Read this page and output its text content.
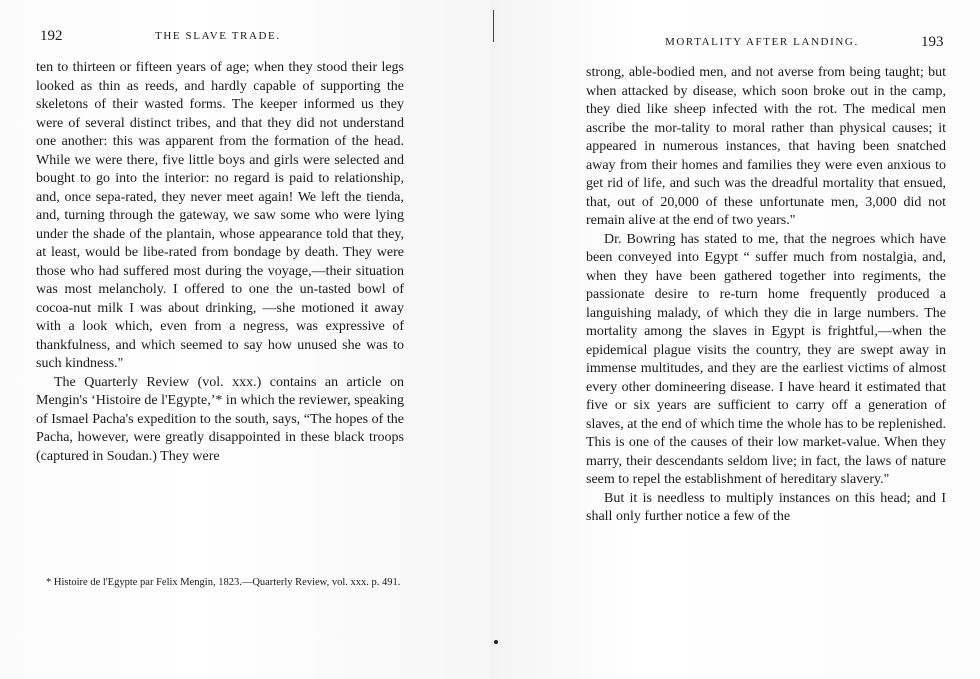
192	THE SLAVE TRADE.

ten to thirteen or fifteen years of age; when they stood their legs looked as thin as reeds, and hardly capable of supporting the skeletons of their wasted forms. The keeper informed us they were of several distinct tribes, and that they did not understand one another: this was apparent from the formation of the head. While we were there, five little boys and girls were selected and bought to go into the interior: no regard is paid to relationship, and, once sepa-rated, they never meet again! We left the tienda, and, turning through the gateway, we saw some who were lying under the shade of the plantain, whose appearance told that they, at least, would be libe-rated from bondage by death. They were those who had suffered most during the voyage,—their situation was most melancholy. I offered to one the un-tasted bowl of cocoa-nut milk I was about drinking, —she motioned it away with a look which, even from a negress, was expressive of thankfulness, and which seemed to say how unused she was to such kindness."

The Quarterly Review (vol. xxx.) contains an article on Mengin's ‘Histoire de l'Egypte,’* in which the reviewer, speaking of Ismael Pacha's expedition to the south, says, “The hopes of the Pacha, however, were greatly disappointed in these black troops (captured in Soudan.) They were

* Histoire de l'Egypte par Felix Mengin, 1823.—Quarterly Review, vol. xxx. p. 491.

MORTALITY AFTER LANDING.	193

strong, able-bodied men, and not averse from being taught; but when attacked by disease, which soon broke out in the camp, they died like sheep infected with the rot. The medical men ascribe the mor-tality to moral rather than physical causes; it appeared in numerous instances, that having been snatched away from their homes and families they were even anxious to get rid of life, and such was the dreadful mortality that ensued, that, out of 20,000 of these unfortunate men, 3,000 did not remain alive at the end of two years."

Dr. Bowring has stated to me, that the negroes which have been conveyed into Egypt “ suffer much from nostalgia, and, when they have been gathered together into regiments, the passionate desire to re-turn home frequently produced a languishing malady, of which they die in large numbers. The mortality among the slaves in Egypt is frightful,—when the epidemical plague visits the country, they are swept away in immense multitudes, and they are the earliest victims of almost every other domineering disease. I have heard it estimated that five or six years are sufficient to carry off a generation of slaves, at the end of which time the whole has to be replenished. This is one of the causes of their low market-value. When they marry, their descendants seldom live; in fact, the laws of nature seem to repel the establishment of hereditary slavery."

But it is needless to multiply instances on this head; and I shall only further notice a few of the
